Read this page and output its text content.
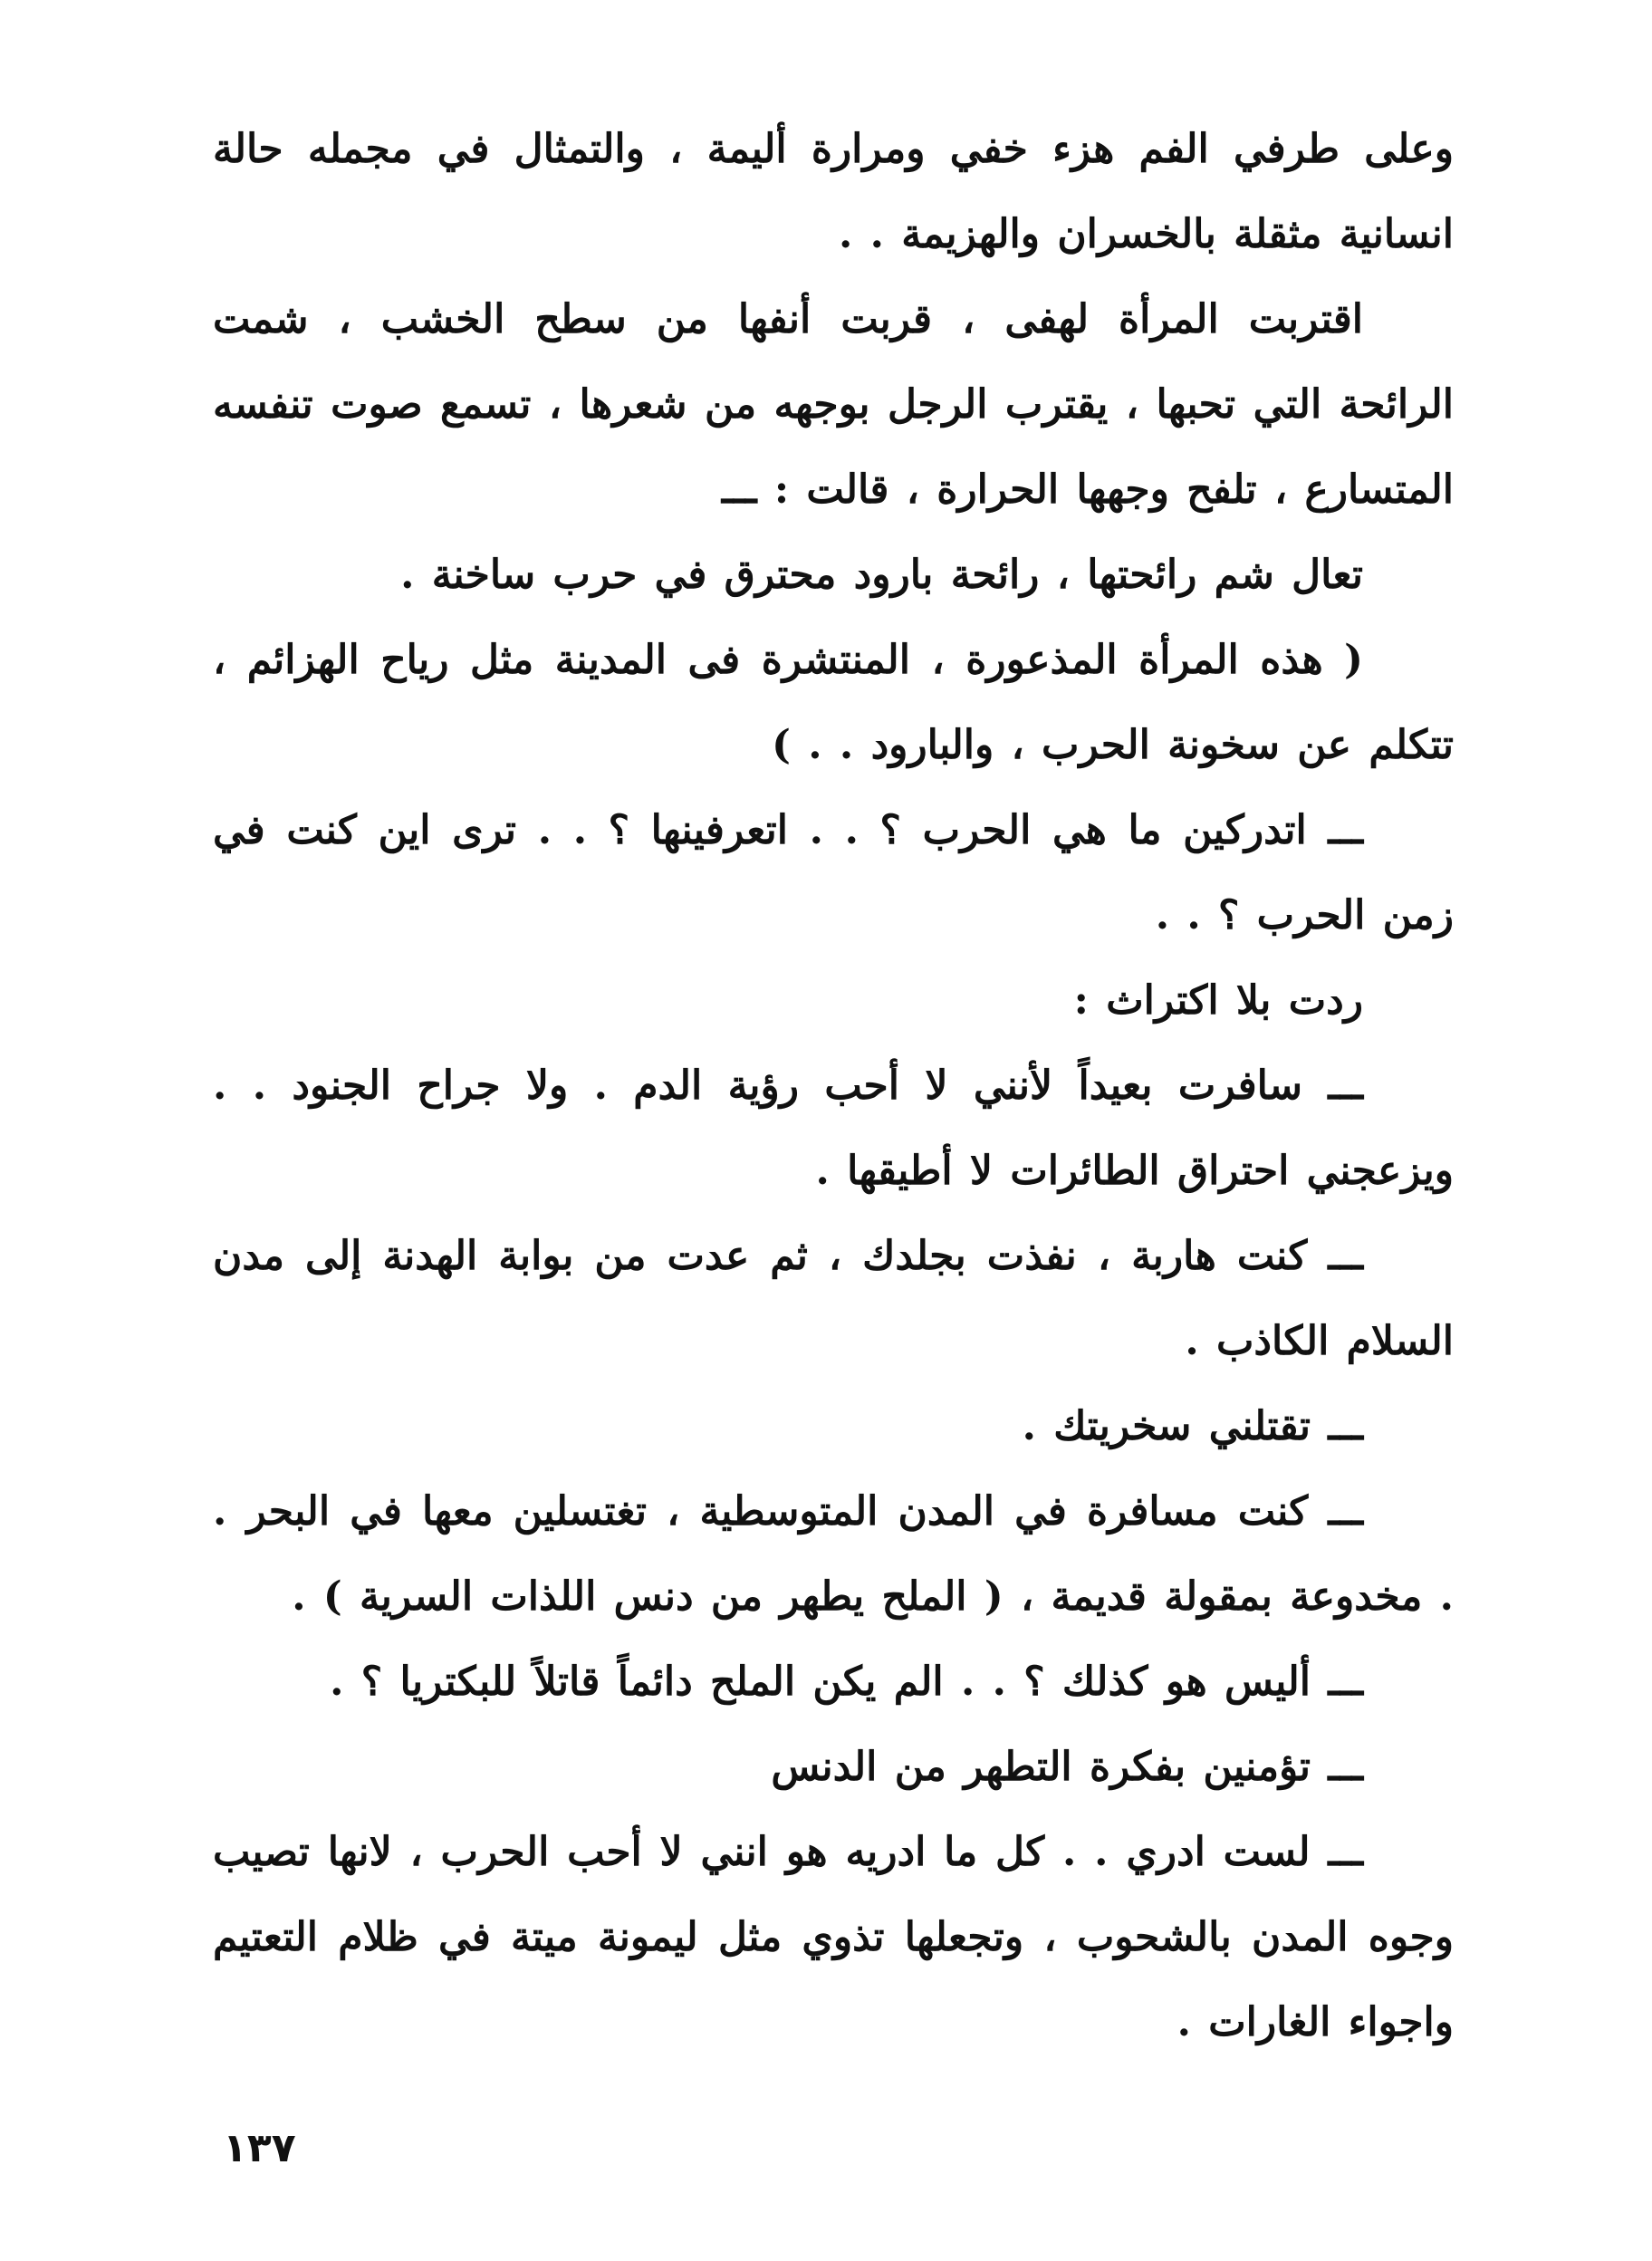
وعلى طرفي الفم هزء خفي ومرارة أليمة ، والتمثال في مجمله حالة انسانية مثقلة بالخسران والهزيمة . .

اقتربت المرأة لهفى ، قربت أنفها من سطح الخشب ، شمت الرائحة التي تحبها ، يقترب الرجل بوجهه من شعرها ، تسمع صوت تنفسه المتسارع ، تلفح وجهها الحرارة ، قالت : ـــ

تعال شم رائحتها ، رائحة بارود محترق في حرب ساخنة .

( هذه المرأة المذعورة ، المنتشرة فى المدينة مثل رياح الهزائم ، تتكلم عن سخونة الحرب ، والبارود . . )

ـــ اتدركين ما هي الحرب ؟ . . اتعرفينها ؟ . . ترى اين كنت في زمن الحرب ؟ . .

ردت بلا اكتراث :

ـــ سافرت بعيداً لأنني لا أحب رؤية الدم . ولا جراح الجنود . . ويزعجني احتراق الطائرات لا أطيقها .

ـــ كنت هاربة ، نفذت بجلدك ، ثم عدت من بوابة الهدنة إلى مدن السلام الكاذب .

ـــ تقتلني سخريتك .

ـــ كنت مسافرة في المدن المتوسطية ، تغتسلين معها في البحر . . مخدوعة بمقولة قديمة ، ( الملح يطهر من دنس اللذات السرية ) .

ـــ أليس هو كذلك ؟ . . الم يكن الملح دائماً قاتلاً للبكتريا ؟ .

ـــ تؤمنين بفكرة التطهر من الدنس

ـــ لست ادري . . كل ما ادريه هو انني لا أحب الحرب ، لانها تصيب وجوه المدن بالشحوب ، وتجعلها تذوي مثل ليمونة ميتة في ظلام التعتيم واجواء الغارات .

١٣٧
